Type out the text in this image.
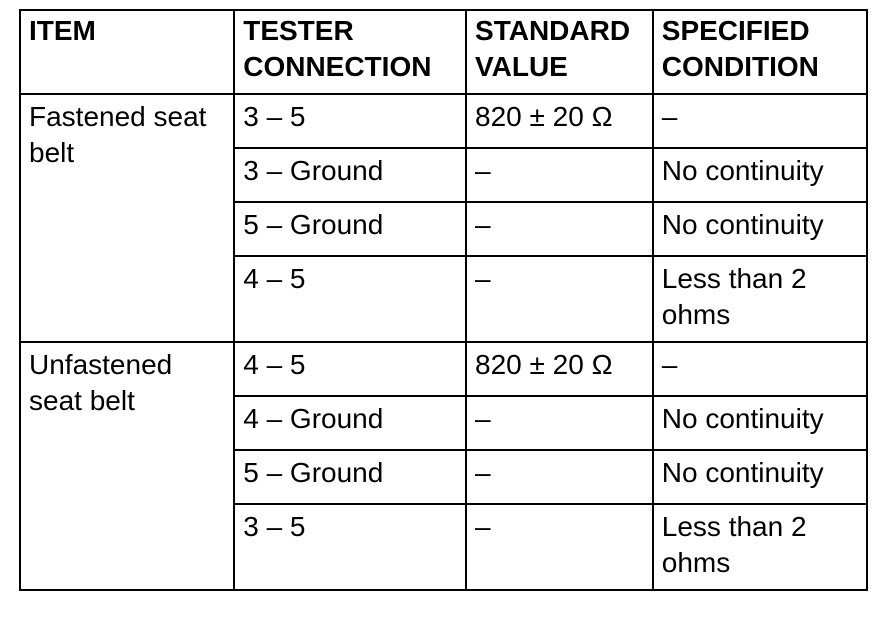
ITEM	TESTER CONNECTION	STANDARD VALUE	SPECIFIED CONDITION
Fastened seat belt	3 – 5	820 ± 20 Ω	–
	3 – Ground	–	No continuity
	5 – Ground	–	No continuity
	4 – 5	–	Less than 2 ohms
Unfastened seat belt	4 – 5	820 ± 20 Ω	–
	4 – Ground	–	No continuity
	5 – Ground	–	No continuity
	3 – 5	–	Less than 2 ohms
